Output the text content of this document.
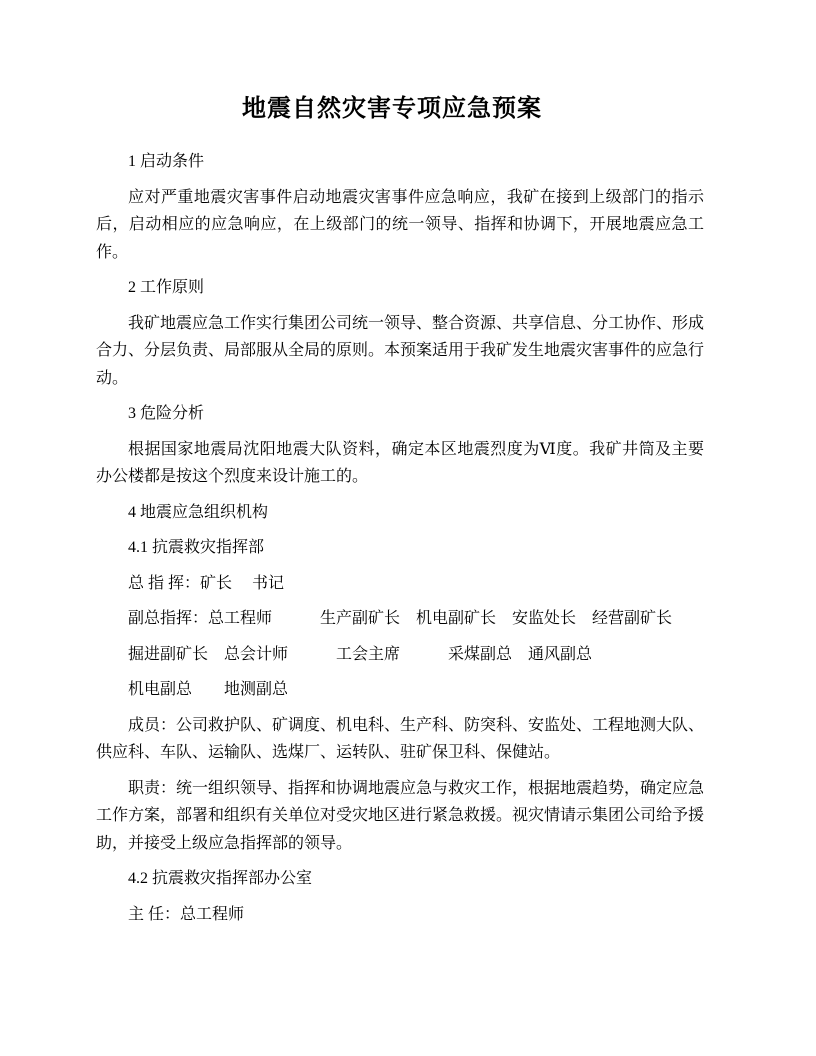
地震自然灾害专项应急预案

1 启动条件

应对严重地震灾害事件启动地震灾害事件应急响应，我矿在接到上级部门的指示后，启动相应的应急响应，在上级部门的统一领导、指挥和协调下，开展地震应急工作。

2 工作原则

我矿地震应急工作实行集团公司统一领导、整合资源、共享信息、分工协作、形成合力、分层负责、局部服从全局的原则。本预案适用于我矿发生地震灾害事件的应急行动。

3 危险分析

根据国家地震局沈阳地震大队资料，确定本区地震烈度为Ⅵ度。我矿井筒及主要办公楼都是按这个烈度来设计施工的。

4 地震应急组织机构

4.1 抗震救灾指挥部

总 指 挥：矿长　 书记

副总指挥：总工程师　　　生产副矿长　机电副矿长　安监处长　经营副矿长

掘进副矿长　总会计师　　　工会主席　　　采煤副总　通风副总

机电副总　　地测副总

成员：公司救护队、矿调度、机电科、生产科、防突科、安监处、工程地测大队、供应科、车队、运输队、选煤厂、运转队、驻矿保卫科、保健站。

职责：统一组织领导、指挥和协调地震应急与救灾工作，根据地震趋势，确定应急工作方案，部署和组织有关单位对受灾地区进行紧急救援。视灾情请示集团公司给予援助，并接受上级应急指挥部的领导。

4.2 抗震救灾指挥部办公室

主 任：总工程师
